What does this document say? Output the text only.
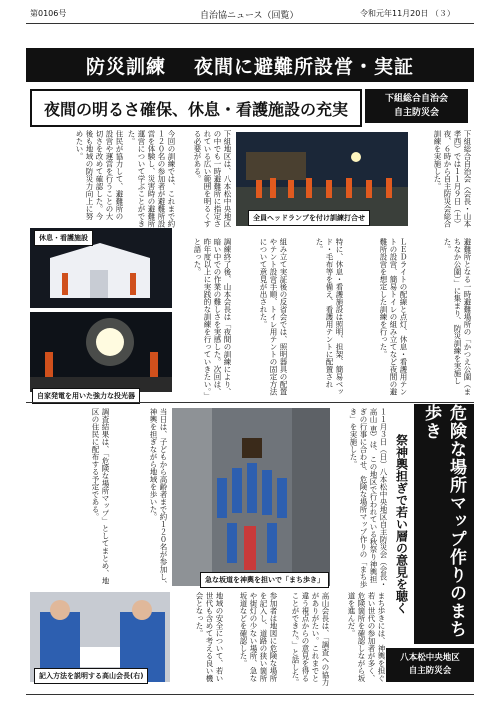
第0106号	自治協ニュース（回覧）	令和元年11月20日 （３）
防災訓練 夜間に避難所設営・実証
夜間の明るさ確保、休息・看護施設の充実
下組総合自治会
自主防災会
下組総合自治会（会長・山本孝西）では１１月９日（土）夜、６時から自主防災会総合訓練を実施した。
避難所となる一時避難場所の「かつえ公園（まちなか公園）」に集まり、防災訓練を実施した。
ＬＥＤライトの配線と点灯、休息・看護用テントの設営、簡易トイレの組み立てなど夜間の避難所設営を想定した訓練を行った。
特に、休息・看護施設は照明、担架、簡易ベッド・毛布等を備え、看護用テントに配置された。
組み立て実証後の反省会では、照明器具の配置やテント設営手順、トイレ用テントの固定方法について意見が出された。
調練終了後、山本会長は「夜間の訓練により、暗い中での作業の難しさを実感した。次回は、昨年度以上に実践的な訓練を行っていきたい。」と語った。
下組地区は、八本松中央地区の中でも一時避難所に指定されている広い範囲を明るくする必要がある。
今回の訓練では、これまで約１２０名の参加者が避難所設営を体験し、災害時の避難所運営について学ぶことができた。
住民が協力して、避難所の設営や運営を行うことの大切さを改めて確認した。今後も地域の防災力向上に努めたい。
全員ヘッドランプを付け訓練打合せ
休息・看護施設
自家発電を用いた強力な投光器
危険な場所マップ作りのまち歩き
祭神輿担ぎで若い層の意見を聴く
１１月３日（日）八本松中央地区自主防災会（会長・高山 恵）は、この地区で行われている秋祭り神輿担ぎの行事に合わせ、危険な場所マップ作りの「まち歩き」を実施した。
まち歩きには、神輿を担ぐ若い世代の参加者が多く、危険箇所を確認しながら坂道を進んだ。
高山会長は、「調査への協力がありがたい。これまでと違う視点からの意見を得ることができた。」と話した。
参加者は地図に危険な場所を記入し、道路の狭い箇所や街灯の少ない場所、急な坂道などを確認した。
当日は、子どもから高齢者まで約１２０名が参加し、神輿を担ぎながら地域を歩いた。
調査結果は、「危険な場所マップ」としてまとめ、地区の住民に配布する予定である。
地域の安全について、若い世代も含めて考える良い機会となった。
急な坂道を神輿を担いで「まち歩き」
記入方法を説明する高山会長(右)
八本松中央地区
自主防災会
